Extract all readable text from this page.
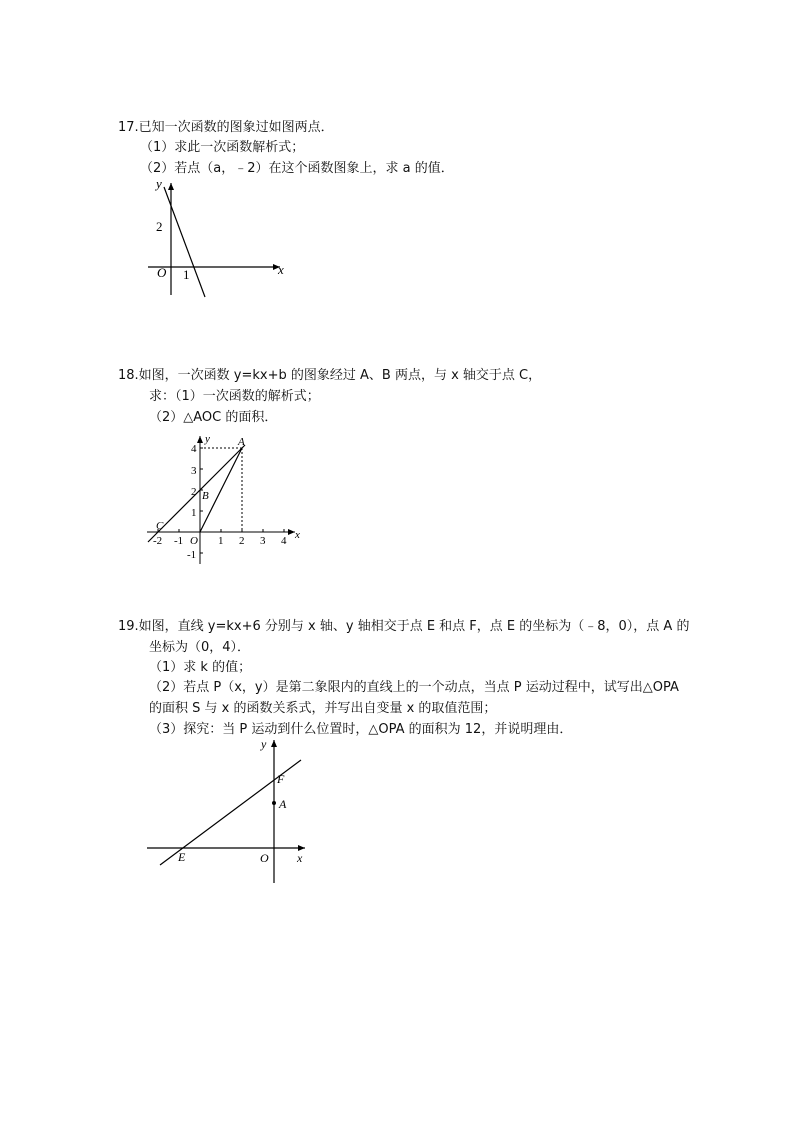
17.已知一次函数的图象过如图两点．
（1）求此一次函数解析式；
（2）若点（a，﹣2）在这个函数图象上，求 a 的值．
y
x
2
O 1
18.如图，一次函数 y=kx+b 的图象经过 A、B 两点，与 x 轴交于点 C，
求：（1）一次函数的解析式；
（2）△AOC 的面积．
y
x
A
B
C
O
4
3
2
1
-1
-2 -1	1 2 3 4
19.如图，直线 y=kx+6 分别与 x 轴、y 轴相交于点 E 和点 F，点 E 的坐标为（﹣8，0），点 A 的
坐标为（0，4）．
（1）求 k 的值；
（2）若点 P（x，y）是第二象限内的直线上的一个动点，当点 P 运动过程中，试写出△OPA
的面积 S 与 x 的函数关系式，并写出自变量 x 的取值范围；
（3）探究：当 P 运动到什么位置时，△OPA 的面积为 12，并说明理由．
y
x
F
A
E	O
